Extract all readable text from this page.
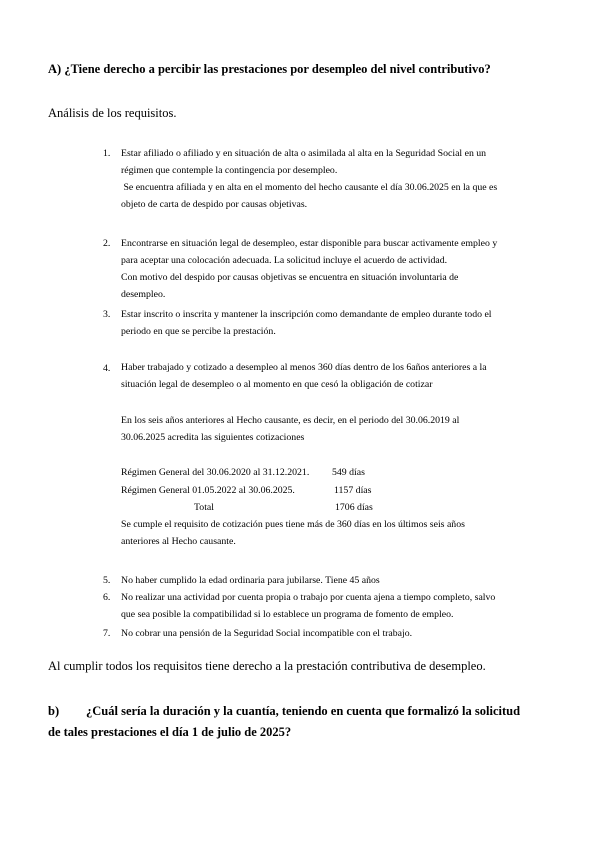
A) ¿Tiene derecho a percibir las prestaciones por desempleo del nivel contributivo?

Análisis de los requisitos.

1. Estar afiliado o afiliado y en situación de alta o asimilada al alta en la Seguridad Social en un
régimen que contemple la contingencia por desempleo.
Se encuentra afiliada y en alta en el momento del hecho causante el día 30.06.2025 en la que es
objeto de carta de despido por causas objetivas.
2. Encontrarse en situación legal de desempleo, estar disponible para buscar activamente empleo y
para aceptar una colocación adecuada. La solicitud incluye el acuerdo de actividad.
Con motivo del despido por causas objetivas se encuentra en situación involuntaria de
desempleo.
3. Estar inscrito o inscrita y mantener la inscripción como demandante de empleo durante todo el
periodo en que se percibe la prestación.
4. Haber trabajado y cotizado a desempleo al menos 360 días dentro de los 6años anteriores a la
situación legal de desempleo o al momento en que cesó la obligación de cotizar
En los seis años anteriores al Hecho causante, es decir, en el periodo del 30.06.2019 al
30.06.2025 acredita las siguientes cotizaciones
Régimen General del 30.06.2020 al 31.12.2021. 549 días
Régimen General 01.05.2022 al 30.06.2025.	1157 días
Total	1706 días
Se cumple el requisito de cotización pues tiene más de 360 días en los últimos seis años
anteriores al Hecho causante.
5. No haber cumplido la edad ordinaria para jubilarse. Tiene 45 años
6. No realizar una actividad por cuenta propia o trabajo por cuenta ajena a tiempo completo, salvo
que sea posible la compatibilidad si lo establece un programa de fomento de empleo.
7. No cobrar una pensión de la Seguridad Social incompatible con el trabajo.

Al cumplir todos los requisitos tiene derecho a la prestación contributiva de desempleo.

b) ¿Cuál sería la duración y la cuantía, teniendo en cuenta que formalizó la solicitud
de tales prestaciones el día 1 de julio de 2025?
